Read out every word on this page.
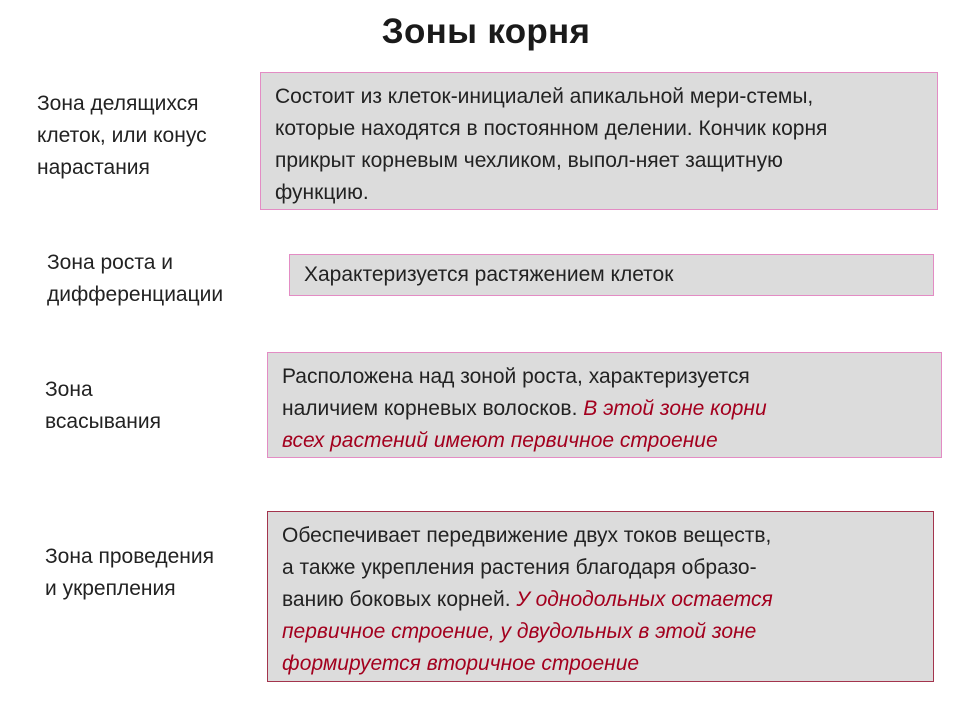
Зоны корня
Зона делящихся
клеток, или конус
нарастания
Состоит из клеток-инициалей апикальной мери-стемы,
которые находятся в постоянном делении. Кончик корня
прикрыт корневым чехликом, выпол-няет защитную
функцию.
Зона роста и
дифференциации
Характеризуется растяжением клеток
Зона
всасывания
Расположена над зоной роста, характеризуется
наличием корневых волосков. В этой зоне корни
всех растений имеют первичное строение
Зона проведения
и укрепления
Обеспечивает передвижение двух токов веществ,
а также укрепления растения благодаря образо-
ванию боковых корней. У однодольных остается
первичное строение, у двудольных в этой зоне
формируется вторичное строение
